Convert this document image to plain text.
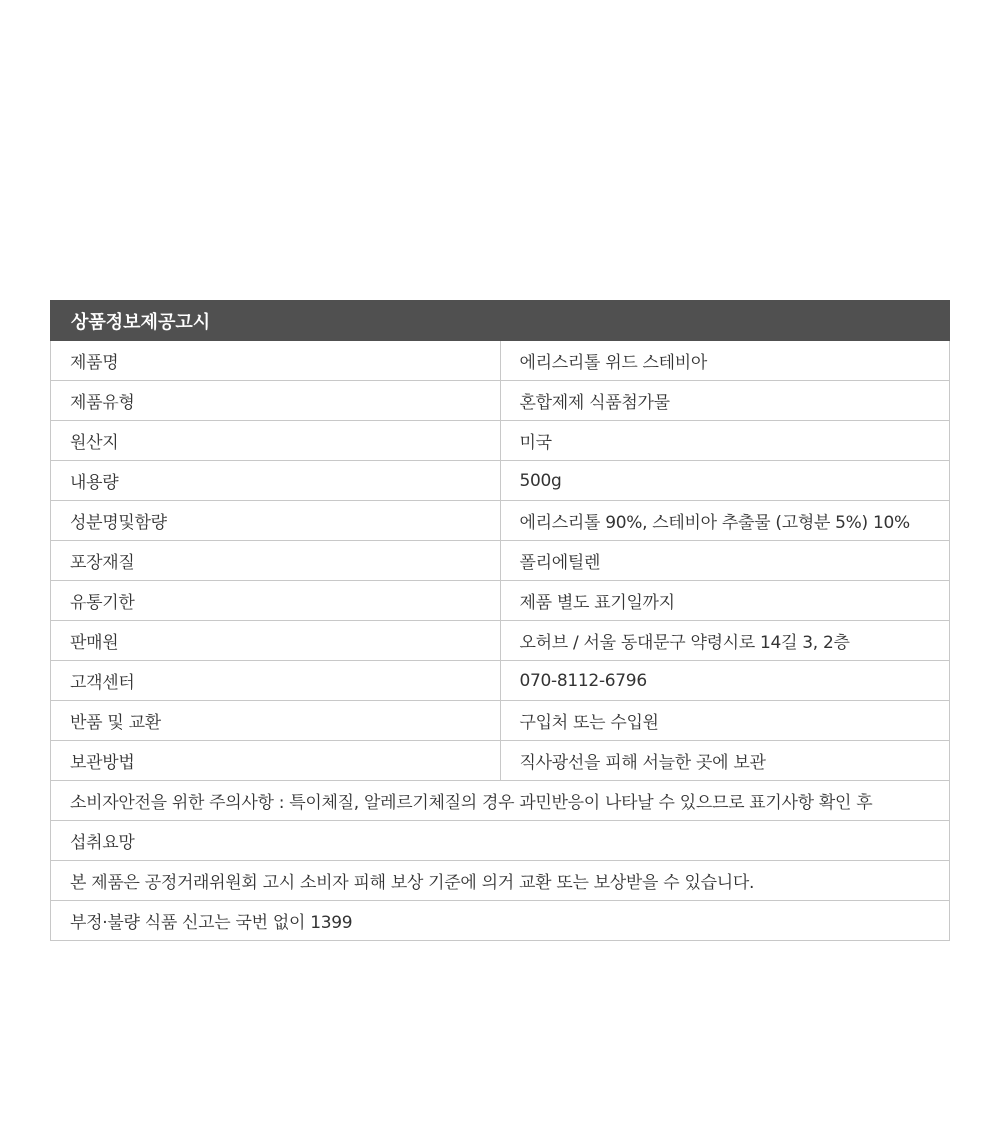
상품정보제공고시	
제품명	에리스리톨 위드 스테비아
제품유형	혼합제제 식품첨가물
원산지	미국
내용량	500g
성분명및함량	에리스리톨 90%, 스테비아 추출물 (고형분 5%) 10%
포장재질	폴리에틸렌
유통기한	제품 별도 표기일까지
판매원	오허브 / 서울 동대문구 약령시로 14길 3, 2층
고객센터	070-8112-6796
반품 및 교환	구입처 또는 수입원
보관방법	직사광선을 피해 서늘한 곳에 보관
소비자안전을 위한 주의사항 : 특이체질, 알레르기체질의 경우 과민반응이 나타날 수 있으므로 표기사항 확인 후	
섭취요망	
본 제품은 공정거래위원회 고시 소비자 피해 보상 기준에 의거 교환 또는 보상받을 수 있습니다.	
부정·불량 식품 신고는 국번 없이 1399	
